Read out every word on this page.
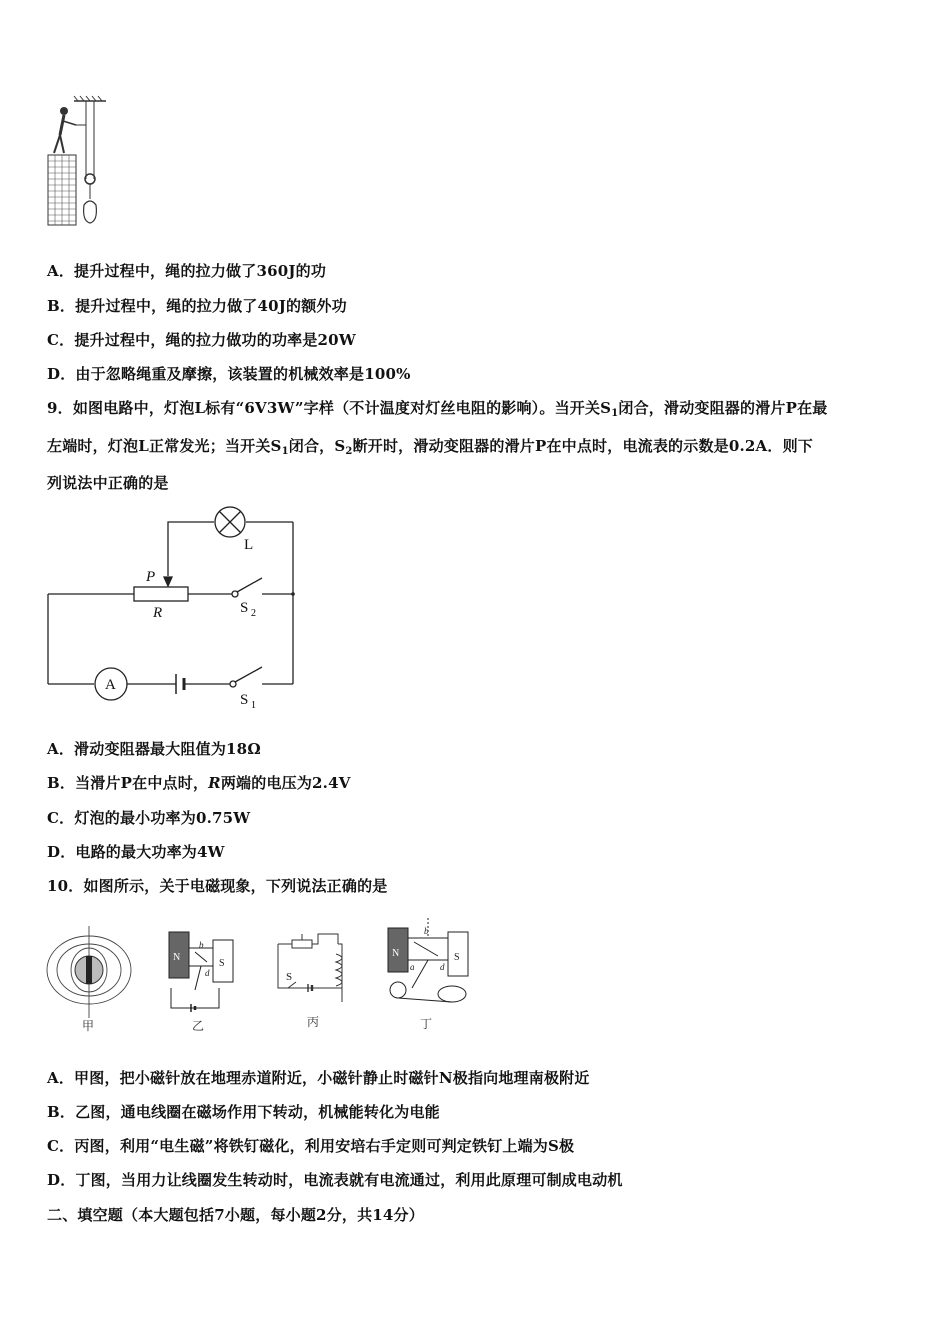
A．提升过程中，绳的拉力做了360J的功
B．提升过程中，绳的拉力做了40J的额外功
C．提升过程中，绳的拉力做功的功率是20W
D．由于忽略绳重及摩擦，该装置的机械效率是100%
9．如图电路中，灯泡L标有“6V3W”字样（不计温度对灯丝电阻的影响）。当开关$S_1$闭合，滑动变阻器的滑片P在最
左端时，灯泡L正常发光；当开关$S_1$闭合，$S_2$断开时，滑动变阻器的滑片P在中点时，电流表的示数是0.2A．则下
列说法中正确的是
L
P
R	S 2
S 1
A
A．滑动变阻器最大阻值为18Ω
B．当滑片P在中点时，R两端的电压为2.4V
C．灯泡的最小功率为0.75W
D．电路的最大功率为4W
10．如图所示，关于电磁现象，下列说法正确的是
甲
N
S
b
d
乙
S
丙
N	S
b
a	d
丁
A．甲图，把小磁针放在地理赤道附近，小磁针静止时磁针N极指向地理南极附近
B．乙图，通电线圈在磁场作用下转动，机械能转化为电能
C．丙图，利用“电生磁”将铁钉磁化，利用安培右手定则可判定铁钉上端为S极
D．丁图，当用力让线圈发生转动时，电流表就有电流通过，利用此原理可制成电动机
二、填空题（本大题包括7小题，每小题2分，共14分）
